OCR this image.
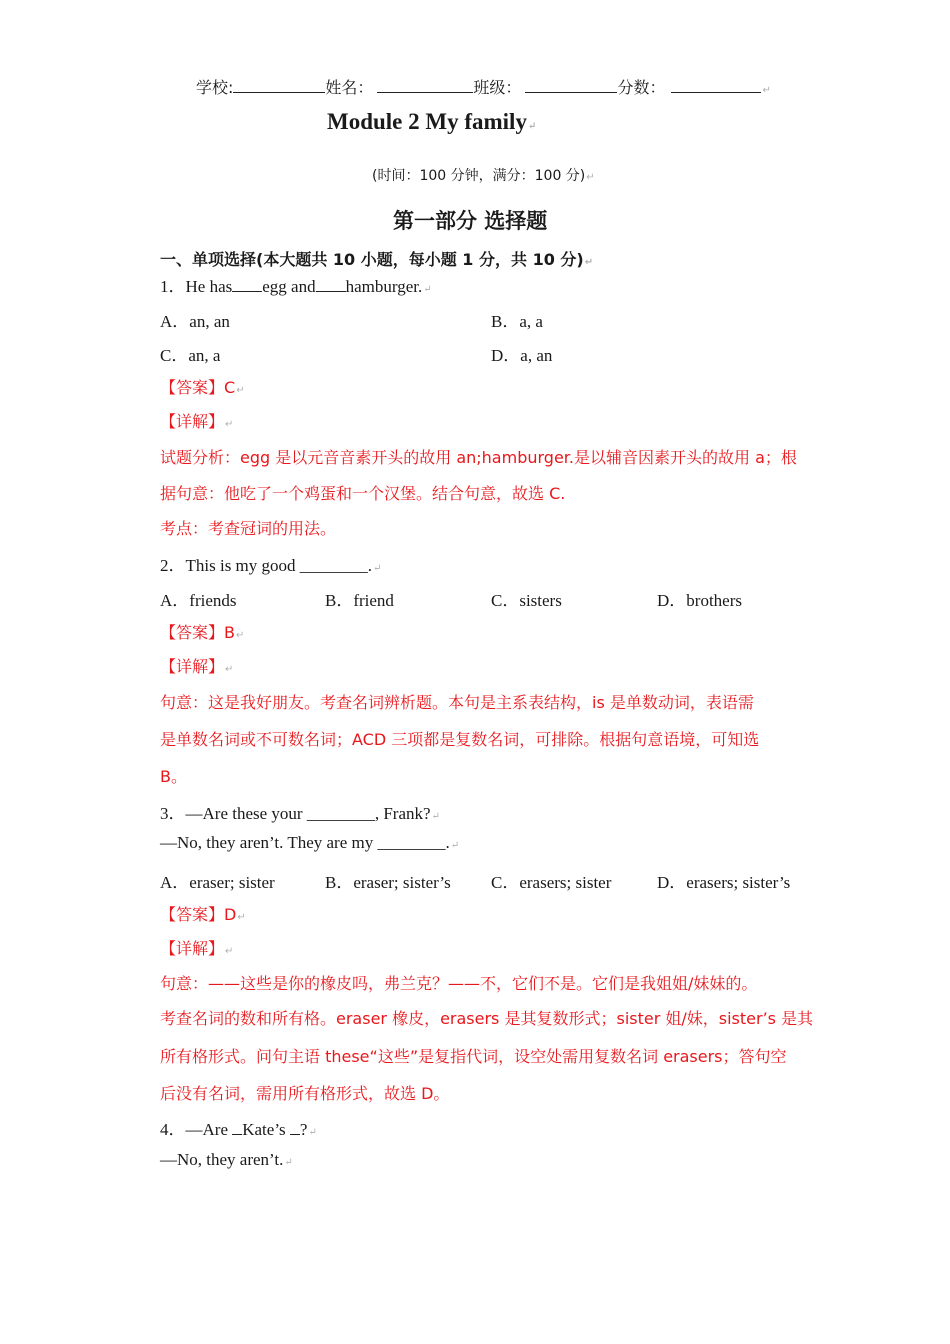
学校:	姓名：	班级：	分数：	↵
Module 2 My family↵
(时间：100 分钟，满分：100 分)↵
第一部分 选择题
一、单项选择(本大题共 10 小题，每小题 1 分，共 10 分)↵
1．He has egg and hamburger.↵
A．an, an	B．a, a
C．an, a	D．a, an
【答案】C↵
【详解】↵
试题分析：egg 是以元音音素开头的故用 an;hamburger.是以辅音因素开头的故用 a；根
据句意：他吃了一个鸡蛋和一个汉堡。结合句意，故选 C.
考点：考查冠词的用法。
2．This is my good ________.↵
A．friends	B．friend	C．sisters	D．brothers
【答案】B↵
【详解】↵
句意：这是我好朋友。考查名词辨析题。本句是主系表结构，is 是单数动词，表语需
是单数名词或不可数名词；ACD 三项都是复数名词，可排除。根据句意语境，可知选
B。
3．—Are these your ________, Frank?↵
—No, they aren’t. They are my ________.↵
A．eraser; sister	B．eraser; sister’s C．erasers; sister	D．erasers; sister’s
【答案】D↵
【详解】↵
句意：——这些是你的橡皮吗，弗兰克？——不，它们不是。它们是我姐姐/妹妹的。
考查名词的数和所有格。eraser 橡皮，erasers 是其复数形式；sister 姐/妹，sister’s 是其
所有格形式。问句主语 these“这些”是复指代词，设空处需用复数名词 erasers；答句空
后没有名词，需用所有格形式，故选 D。
4．—Are Kate’s ?↵
—No, they aren’t.↵
